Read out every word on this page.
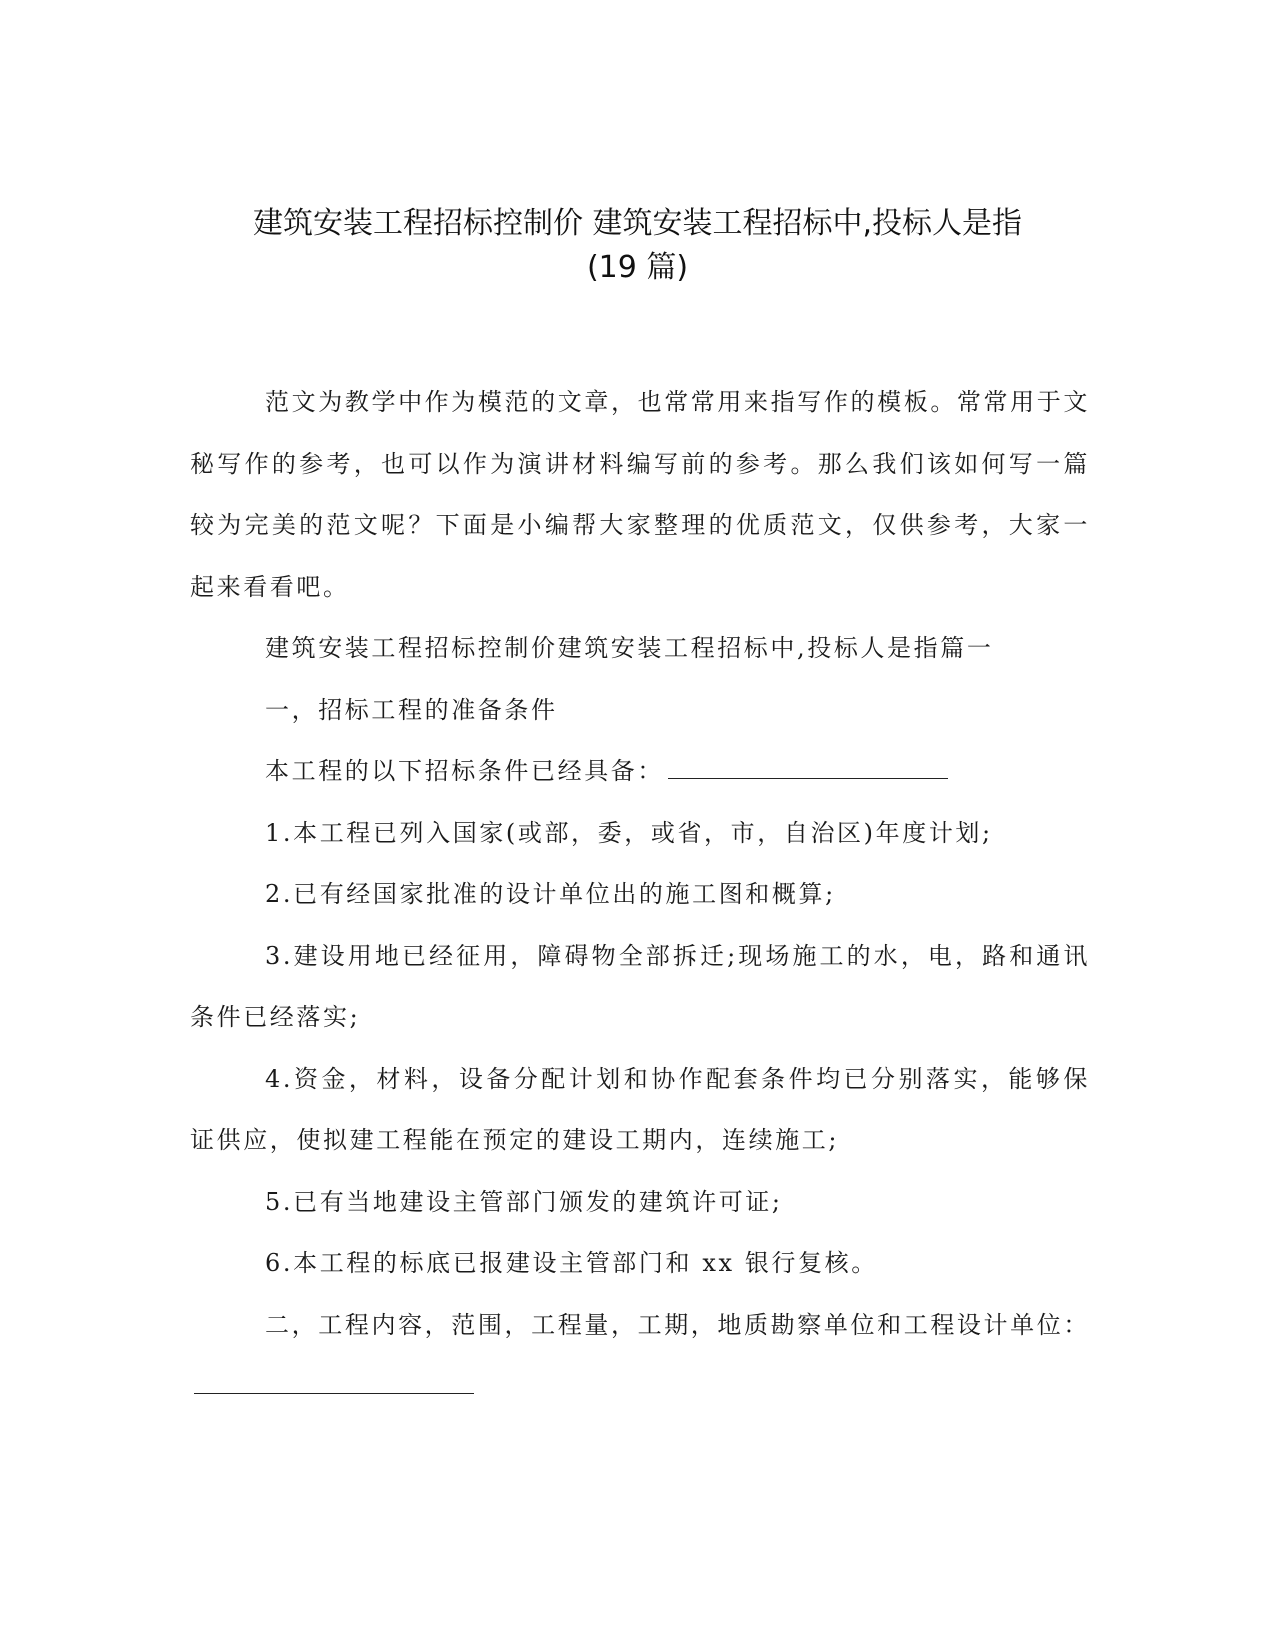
建筑安装工程招标控制价 建筑安装工程招标中,投标人是指
(19 篇)

范文为教学中作为模范的文章，也常常用来指写作的模板。常常用于文秘写作的参考，也可以作为演讲材料编写前的参考。那么我们该如何写一篇较为完美的范文呢？下面是小编帮大家整理的优质范文，仅供参考，大家一起来看看吧。

建筑安装工程招标控制价建筑安装工程招标中,投标人是指篇一

一，招标工程的准备条件

本工程的以下招标条件已经具备：

1.本工程已列入国家(或部，委，或省，市，自治区)年度计划;

2.已有经国家批准的设计单位出的施工图和概算;

3.建设用地已经征用，障碍物全部拆迁;现场施工的水，电，路和通讯条件已经落实;

4.资金，材料，设备分配计划和协作配套条件均已分别落实，能够保证供应，使拟建工程能在预定的建设工期内，连续施工;

5.已有当地建设主管部门颁发的建筑许可证;

6.本工程的标底已报建设主管部门和 xx 银行复核。

二，工程内容，范围，工程量，工期，地质勘察单位和工程设计单位：
